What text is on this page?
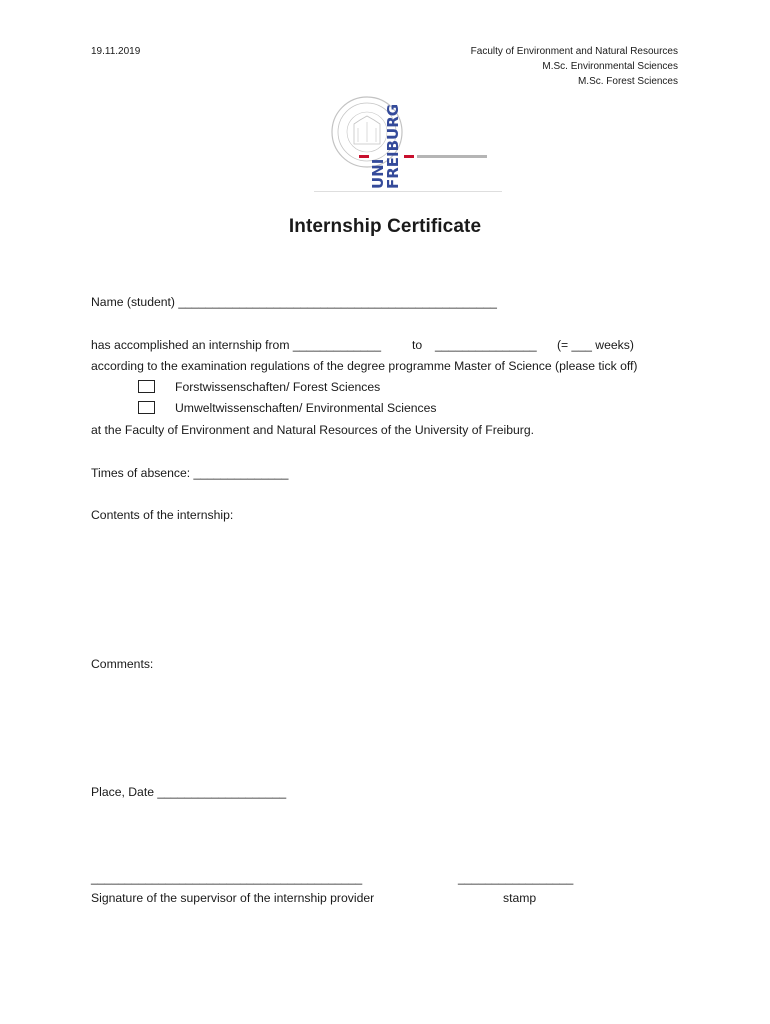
19.11.2019	Faculty of Environment and Natural Resources
M.Sc. Environmental Sciences
M.Sc. Forest Sciences
UNI
FREIBURG
Internship Certificate
Name (student) _______________________________________________
has accomplished an internship from _____________	to _______________ (= ___ weeks)
according to the examination regulations of the degree programme Master of Science (please tick off)
Forstwissenschaften/ Forest Sciences
Umweltwissenschaften/ Environmental Sciences
at the Faculty of Environment and Natural Resources of the University of Freiburg.
Times of absence: ______________
Contents of the internship:
Comments:
Place, Date ___________________
________________________________________	_________________
Signature of the supervisor of the internship provider	stamp
